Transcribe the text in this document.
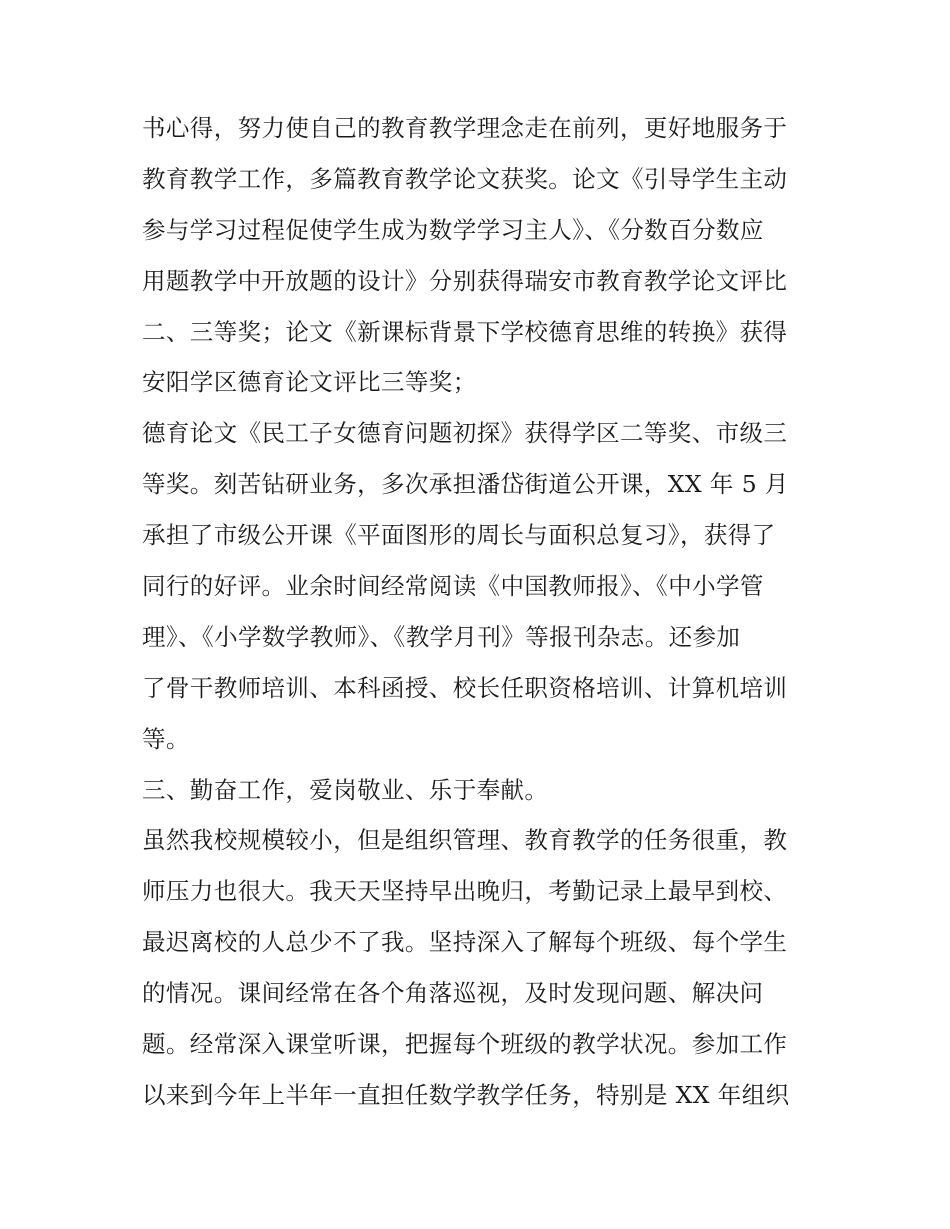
书心得，努力使自己的教育教学理念走在前列，更好地服务于
教育教学工作，多篇教育教学论文获奖。论文《引导学生主动
参与学习过程促使学生成为数学学习主人》、《分数百分数应
用题教学中开放题的设计》分别获得瑞安市教育教学论文评比
二、三等奖；论文《新课标背景下学校德育思维的转换》获得
安阳学区德育论文评比三等奖；
德育论文《民工子女德育问题初探》获得学区二等奖、市级三
等奖。刻苦钻研业务，多次承担潘岱街道公开课，XX 年 5 月
承担了市级公开课《平面图形的周长与面积总复习》，获得了
同行的好评。业余时间经常阅读《中国教师报》、《中小学管
理》、《小学数学教师》、《教学月刊》等报刊杂志。还参加
了骨干教师培训、本科函授、校长任职资格培训、计算机培训
等。
三、勤奋工作，爱岗敬业、乐于奉献。
虽然我校规模较小，但是组织管理、教育教学的任务很重，教
师压力也很大。我天天坚持早出晚归，考勤记录上最早到校、
最迟离校的人总少不了我。坚持深入了解每个班级、每个学生
的情况。课间经常在各个角落巡视，及时发现问题、解决问
题。经常深入课堂听课，把握每个班级的教学状况。参加工作
以来到今年上半年一直担任数学教学任务，特别是 XX 年组织
